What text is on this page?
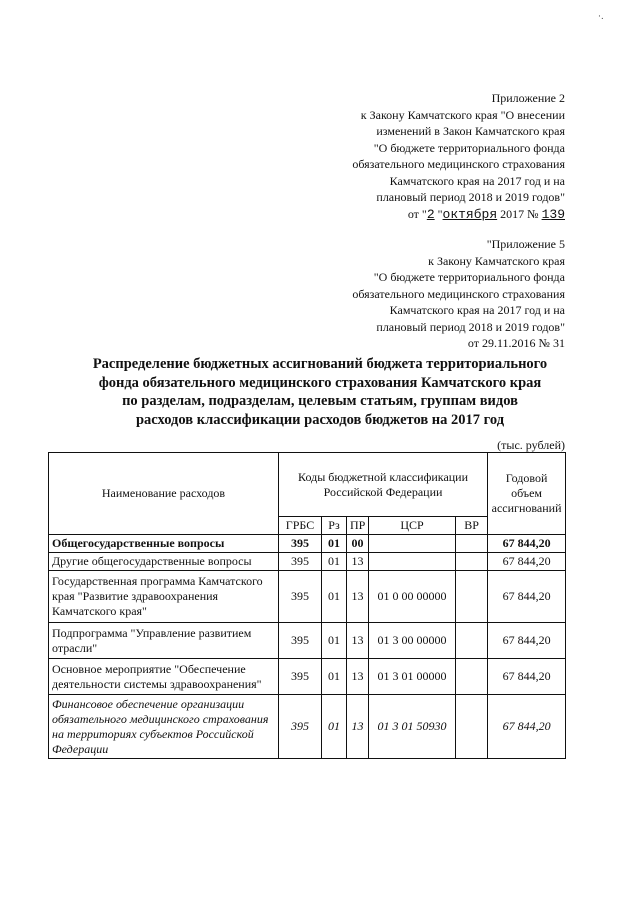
·.
Приложение 2
к Закону Камчатского края "О внесении
изменений в Закон Камчатского края
"О бюджете территориального фонда
обязательного медицинского страхования
Камчатского края на 2017 год и на
плановый период 2018 и 2019 годов"
от "2 "октября 2017 № 139
"Приложение 5
к Закону Камчатского края
"О бюджете территориального фонда
обязательного медицинского страхования
Камчатского края на 2017 год и на
плановый период 2018 и 2019 годов"
от 29.11.2016 № 31
Распределение бюджетных ассигнований бюджета территориального
фонда обязательного медицинского страхования Камчатского края
по разделам, подразделам, целевым статьям, группам видов
расходов классификации расходов бюджетов на 2017 год
(тыс. рублей)
Наименование расходов	Коды бюджетной классификации Российской Федерации					Годовой объем ассигнований
	ГРБС	Рз	ПР	ЦСР	ВР	
Общегосударственные вопросы	395	01	00			67 844,20
Другие общегосударственные вопросы	395	01	13			67 844,20
Государственная программа Камчатского края "Развитие здравоохранения Камчатского края"	395	01	13	01 0 00 00000		67 844,20
Подпрограмма "Управление развитием отрасли"	395	01	13	01 3 00 00000		67 844,20
Основное мероприятие "Обеспечение деятельности системы здравоохранения"	395	01	13	01 3 01 00000		67 844,20
Финансовое обеспечение организации обязательного медицинского страхования на территориях субъектов Российской Федерации	395	01	13	01 3 01 50930		67 844,20
